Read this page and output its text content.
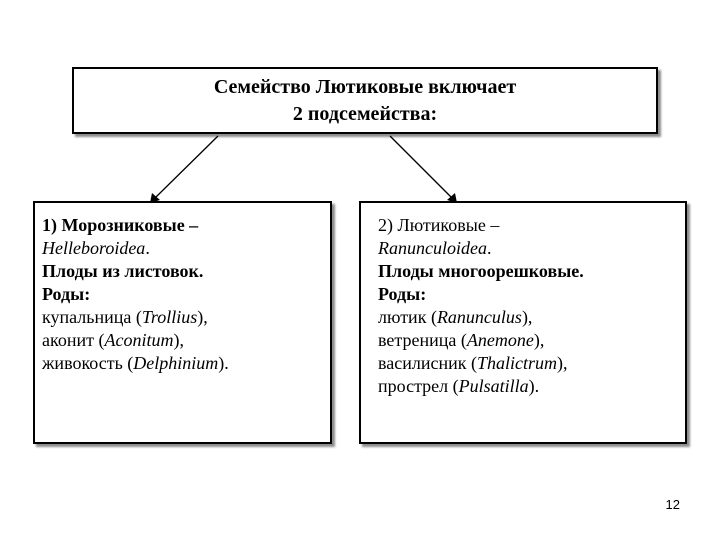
Семейство Лютиковые включает
2 подсемейства:
1) Морозниковые –
Helleboroidea.
Плоды из листовок.
Роды:
купальница (Trollius),
аконит (Aconitum),
живокость (Delphinium).
2) Лютиковые –
Ranunculoidea.
Плоды многоорешковые.
Роды:
лютик (Ranunculus),
ветреница (Anemone),
василисник (Thalictrum),
прострел (Pulsatilla).
12
